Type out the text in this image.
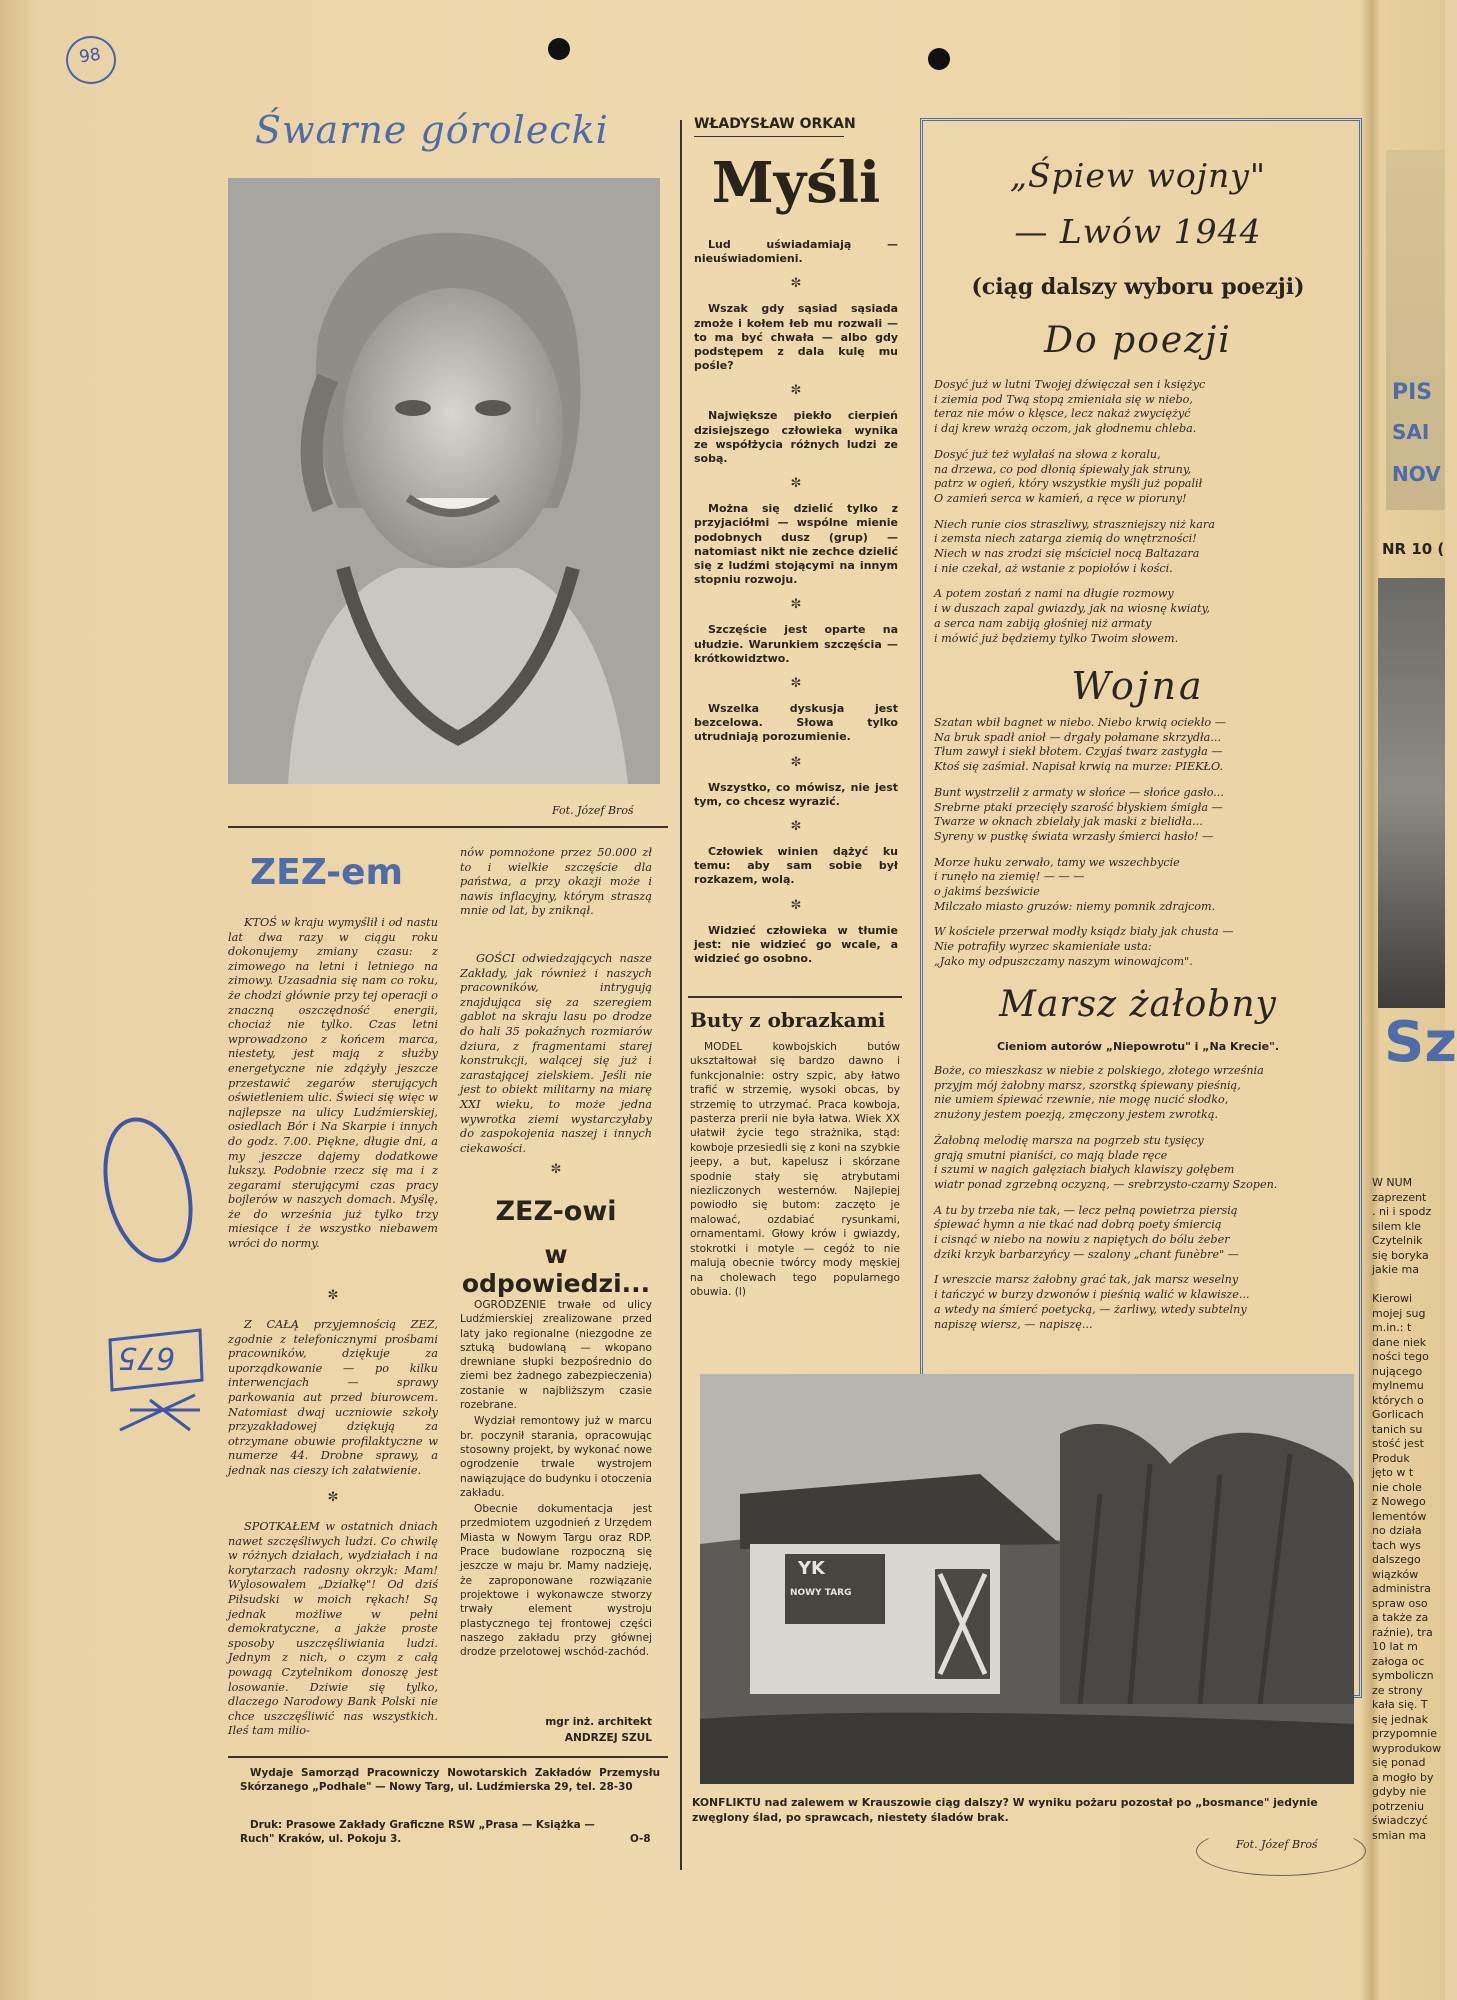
98
Śwarne górolecki
Fot. Józef Broś
ZEZ-em
KTOŚ w kraju wymyślił i od nastu lat dwa razy w ciągu roku dokonujemy zmiany czasu: z zimowego na letni i letniego na zimowy. Uzasadnia się nam co roku, że chodzi głównie przy tej operacji o znaczną oszczędność energii, chociaż nie tylko. Czas letni wprowadzono z końcem marca, niestety, jest mają z służby energetyczne nie zdążyły jeszcze przestawić zegarów sterujących oświetleniem ulic. Świeci się więc w najlepsze na ulicy Ludźmierskiej, osiedlach Bór i Na Skarpie i innych do godz. 7.00. Piękne, długie dni, a my jeszcze dajemy dodatkowe lukszy. Podobnie rzecz się ma i z zegarami sterującymi czas pracy bojlerów w naszych domach. Myślę, że do września już tylko trzy miesiące i że wszystko niebawem wróci do normy.
✼
Z CAŁĄ przyjemnością ZEZ, zgodnie z telefonicznymi prośbami pracowników, dziękuje za uporządkowanie — po kilku interwencjach — sprawy parkowania aut przed biurowcem. Natomiast dwaj uczniowie szkoły przyzakładowej dziękują za otrzymane obuwie profilaktyczne w numerze 44. Drobne sprawy, a jednak nas cieszy ich załatwienie.
✼
SPOTKAŁEM w ostatnich dniach nawet szczęśliwych ludzi. Co chwilę w różnych działach, wydziałach i na korytarzach radosny okrzyk: Mam! Wylosowałem „Działkę"! Od dziś Piłsudski w moich rękach! Są jednak możliwe w pełni demokratyczne, a jakże proste sposoby uszczęśliwiania ludzi. Jednym z nich, o czym z całą powagą Czytelnikom donoszę jest losowanie. Dziwie się tylko, dlaczego Narodowy Bank Polski nie chce uszczęśliwić nas wszystkich. Ileś tam milio-
nów pomnożone przez 50.000 zł to i wielkie szczęście dla państwa, a przy okazji może i nawis inflacyjny, którym straszą mnie od lat, by zniknął.
GOŚCI odwiedzających nasze Zakłady, jak również i naszych pracowników, intrygują znajdująca się za szeregiem gablot na skraju lasu po drodze do hali 35 pokaźnych rozmiarów dziura, z fragmentami starej konstrukcji, walącej się już i zarastającej zielskiem. Jeśli nie jest to obiekt militarny na miarę XXI wieku, to może jedna wywrotka ziemi wystarczyłaby do zaspokojenia naszej i innych ciekawości.
✼
ZEZ-owi
w odpowiedzi...

OGRODZENIE trwałe od ulicy Ludźmierskiej zrealizowane przed laty jako regionalne (niezgodne ze sztuką budowlaną — wkopano drewniane słupki bezpośrednio do ziemi bez żadnego zabezpieczenia) zostanie w najbliższym czasie rozebrane.

Wydział remontowy już w marcu br. poczynił starania, opracowując stosowny projekt, by wykonać nowe ogrodzenie trwale wystrojem nawiązujące do budynku i otoczenia zakładu.

Obecnie dokumentacja jest przedmiotem uzgodnień z Urzędem Miasta w Nowym Targu oraz RDP. Prace budowlane rozpoczną się jeszcze w maju br. Mamy nadzieję, że zaproponowane rozwiązanie projektowe i wykonawcze stworzy trwały element wystroju plastycznego tej frontowej części naszego zakładu przy głównej drodze przelotowej wschód-zachód.

mgr inż. architekt
ANDRZEJ SZUL
Wydaje Samorząd Pracowniczy Nowotarskich Zakładów Przemysłu Skórzanego „Podhale" — Nowy Targ, ul. Ludźmierska 29, tel. 28-30
Druk: Prasowe Zakłady Graficzne RSW „Prasa — Książka — Ruch" Kraków, ul. Pokoju 3.	O-8
675
WŁADYSŁAW ORKAN
Myśli

Lud uświadamiają — nieuświadomieni.

✼

Wszak gdy sąsiad sąsiada zmoże i kołem łeb mu rozwali — to ma być chwała — albo gdy podstępem z dala kulę mu pośle?

✼

Największe piekło cierpień dzisiejszego człowieka wynika ze współżycia różnych ludzi ze sobą.

✼

Można się dzielić tylko z przyjaciółmi — wspólne mienie podobnych dusz (grup) — natomiast nikt nie zechce dzielić się z ludźmi stojącymi na innym stopniu rozwoju.

✼

Szczęście jest oparte na ułudzie. Warunkiem szczęścia — krótkowidztwo.

✼

Wszelka dyskusja jest bezcelowa. Słowa tylko utrudniają porozumienie.

✼

Wszystko, co mówisz, nie jest tym, co chcesz wyrazić.

✼

Człowiek winien dążyć ku temu: aby sam sobie był rozkazem, wolą.

✼

Widzieć człowieka w tłumie jest: nie widzieć go wcale, a widzieć go osobno.

Buty z obrazkami
MODEL kowbojskich butów ukształtował się bardzo dawno i funkcjonalnie: ostry szpic, aby łatwo trafić w strzemię, wysoki obcas, by strzemię to utrzymać. Praca kowboja, pasterza prerii nie była łatwa. Wiek XX ułatwił życie tego strażnika, stąd: kowboje przesiedli się z koni na szybkie jeepy, a but, kapelusz i skórzane spodnie stały się atrybutami niezliczonych westernów. Najlepiej powiodło się butom: zaczęto je malować, ozdabiać rysunkami, ornamentami. Głowy krów i gwiazdy, stokrotki i motyle — cegóż to nie malują obecnie twórcy mody męskiej na cholewach tego popularnego obuwia. (l)
„Śpiew wojny"
— Lwów 1944
(ciąg dalszy wyboru poezji)
Do poezji

Dosyć już w lutni Twojej dźwięczał sen i księżyc
i ziemia pod Twą stopą zmieniała się w niebo,
teraz nie mów o klęsce, lecz nakaż zwyciężyć
i daj krew wrażą oczom, jak głodnemu chleba.

Dosyć już też wylałaś na słowa z koralu,
na drzewa, co pod dłonią śpiewały jak struny,
patrz w ogień, który wszystkie myśli już popalił
O zamień serca w kamień, a ręce w pioruny!

Niech runie cios straszliwy, straszniejszy niż kara
i zemsta niech zatarga ziemią do wnętrzności!
Niech w nas zrodzi się mściciel nocą Baltazara
i nie czekał, aż wstanie z popiołów i kości.

A potem zostań z nami na długie rozmowy
i w duszach zapal gwiazdy, jak na wiosnę kwiaty,
a serca nam zabiją głośniej niż armaty
i mówić już będziemy tylko Twoim słowem.

Wojna

Szatan wbił bagnet w niebo. Niebo krwią ociekło —
Na bruk spadł anioł — drgały połamane skrzydła...
Tłum zawył i siekł błotem. Czyjaś twarz zastygła —
Ktoś się zaśmiał. Napisał krwią na murze: PIEKŁO.

Bunt wystrzelił z armaty w słońce — słońce gasło...
Srebrne ptaki przecięły szarość błyskiem śmigła —
Twarze w oknach zbielały jak maski z bielidła...
Syreny w pustkę świata wrzasły śmierci hasło! —

Morze huku zerwało, tamy we wszechbycie
i runęło na ziemię! — — —
o jakimś bezświcie
Milczało miasto gruzów: niemy pomnik zdrajcom.

W kościele przerwał modły ksiądz biały jak chusta —
Nie potrafiły wyrzec skamieniałe usta:
„Jako my odpuszczamy naszym winowajcom".

Marsz żałobny
Cieniom autorów „Niepowrotu" i „Na Krecie".

Boże, co mieszkasz w niebie z polskiego, złotego września
przyjm mój żałobny marsz, szorstką śpiewany pieśnią,
nie umiem śpiewać rzewnie, nie mogę nucić słodko,
znużony jestem poezją, zmęczony jestem zwrotką.

Żałobną melodię marsza na pogrzeb stu tysięcy
grają smutni pianiści, co mają blade ręce
i szumi w nagich gałęziach białych klawiszy gołębem
wiatr ponad zgrzebną oczyzną, — srebrzysto-czarny Szopen.

A tu by trzeba nie tak, — lecz pełną powietrza piersią
śpiewać hymn a nie tkać nad dobrą poety śmiercią
i cisnąć w niebo na nowiu z napiętych do bólu żeber
dziki krzyk barbarzyńcy — szalony „chant funèbre" —

I wreszcie marsz żałobny grać tak, jak marsz weselny
i tańczyć w burzy dzwonów i pieśnią walić w klawisze...
a wtedy na śmierć poetycką, — żarliwy, wtedy subtelny
napiszę wiersz, — napiszę...

YK
NOWY TARG
KONFLIKTU nad zalewem w Krauszowie ciąg dalszy? W wyniku pożaru pozostał po „bosmance" jedynie zwęglony ślad, po sprawcach, niestety śladów brak.
Fot. Józef Broś
PIS
SAI
NOV
NR 10 (
Sz
W NUM
zaprezent
. ni i spodz
silem kle
Czytelnik
się boryka
jakie ma

Kierowi
mojej sug
m.in.: t
dane niek
ności tego
nującego
mylnemu
których o
Gorlicach
tanich su
stość jest
Produk
jęto w t
nie chole
z Nowego
lementów
no działa
tach wys
dalszego
wiązków
administra
spraw oso
a także za
raźnie), tra
10 lat m
załoga oc
symboliczn
ze strony
kała się. T
się jednak
przypomnie
wyprodukow
się ponad
a mogło by
gdyby nie
potrzeniu
świadczyć
smian ma
